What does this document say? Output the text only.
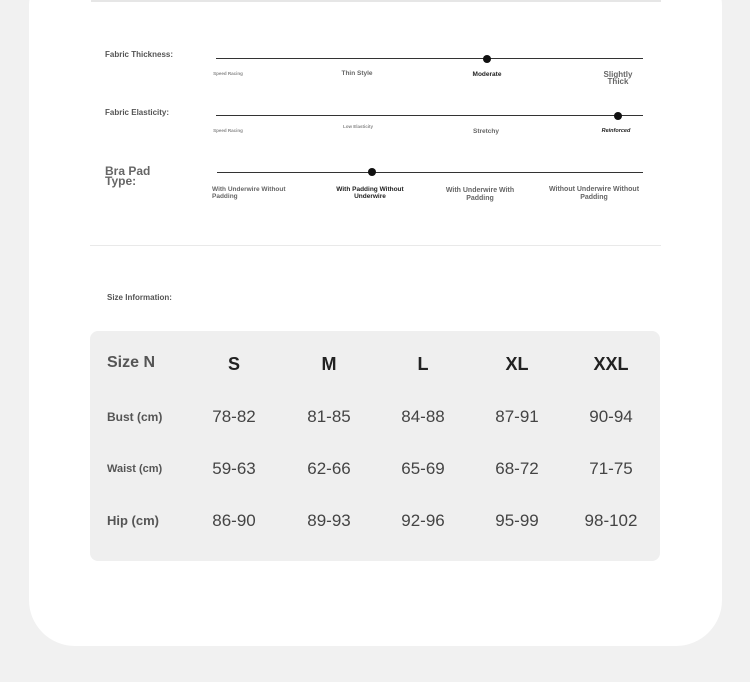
Fabric Thickness:
Speed Racing	Thin Style	Moderate	Slightly Thick
Fabric Elasticity:
Speed Racing
Low Elasticity
Stretchy	Reinforced
Bra Pad Type:
With Underwire Without Padding
With Padding Without Underwire
With Underwire With Padding
Without Underwire Without Padding
Size Information:
Size N	S	M	L	XL	XXL
Bust (cm)	78-82	81-85	84-88	87-91	90-94
Waist (cm)	59-63	62-66	65-69	68-72	71-75
Hip (cm)	86-90	89-93	92-96	95-99	98-102
